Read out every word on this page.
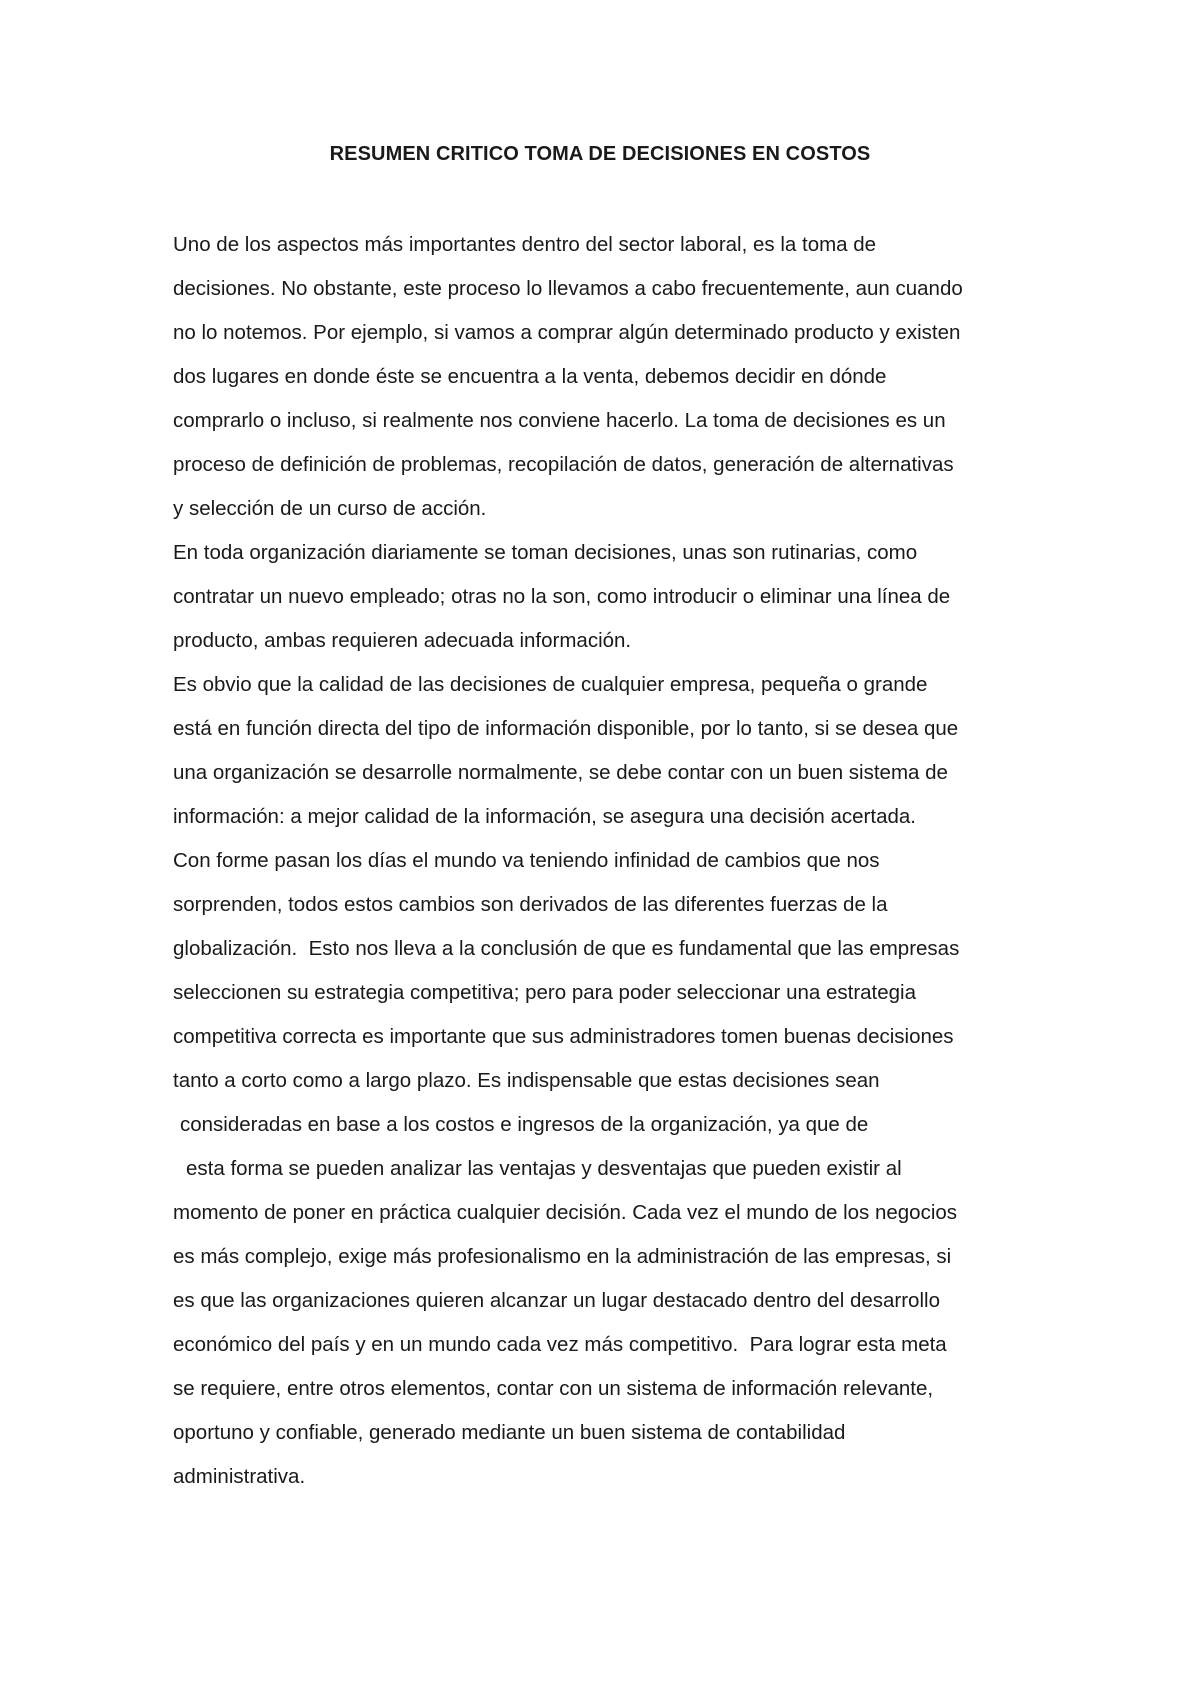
RESUMEN CRITICO TOMA DE DECISIONES EN COSTOS
Uno de los aspectos más importantes dentro del sector laboral, es la toma de
decisiones. No obstante, este proceso lo llevamos a cabo frecuentemente, aun cuando
no lo notemos. Por ejemplo, si vamos a comprar algún determinado producto y existen
dos lugares en donde éste se encuentra a la venta, debemos decidir en dónde
comprarlo o incluso, si realmente nos conviene hacerlo. La toma de decisiones es un
proceso de definición de problemas, recopilación de datos, generación de alternativas
y selección de un curso de acción.
En toda organización diariamente se toman decisiones, unas son rutinarias, como
contratar un nuevo empleado; otras no la son, como introducir o eliminar una línea de
producto, ambas requieren adecuada información.
Es obvio que la calidad de las decisiones de cualquier empresa, pequeña o grande
está en función directa del tipo de información disponible, por lo tanto, si se desea que
una organización se desarrolle normalmente, se debe contar con un buen sistema de
información: a mejor calidad de la información, se asegura una decisión acertada.
Con forme pasan los días el mundo va teniendo infinidad de cambios que nos
sorprenden, todos estos cambios son derivados de las diferentes fuerzas de la
globalización.  Esto nos lleva a la conclusión de que es fundamental que las empresas
seleccionen su estrategia competitiva; pero para poder seleccionar una estrategia
competitiva correcta es importante que sus administradores tomen buenas decisiones
tanto a corto como a largo plazo. Es indispensable que estas decisiones sean
consideradas en base a los costos e ingresos de la organización, ya que de
esta forma se pueden analizar las ventajas y desventajas que pueden existir al
momento de poner en práctica cualquier decisión. Cada vez el mundo de los negocios
es más complejo, exige más profesionalismo en la administración de las empresas, si
es que las organizaciones quieren alcanzar un lugar destacado dentro del desarrollo
económico del país y en un mundo cada vez más competitivo.  Para lograr esta meta
se requiere, entre otros elementos, contar con un sistema de información relevante,
oportuno y confiable, generado mediante un buen sistema de contabilidad
administrativa.
